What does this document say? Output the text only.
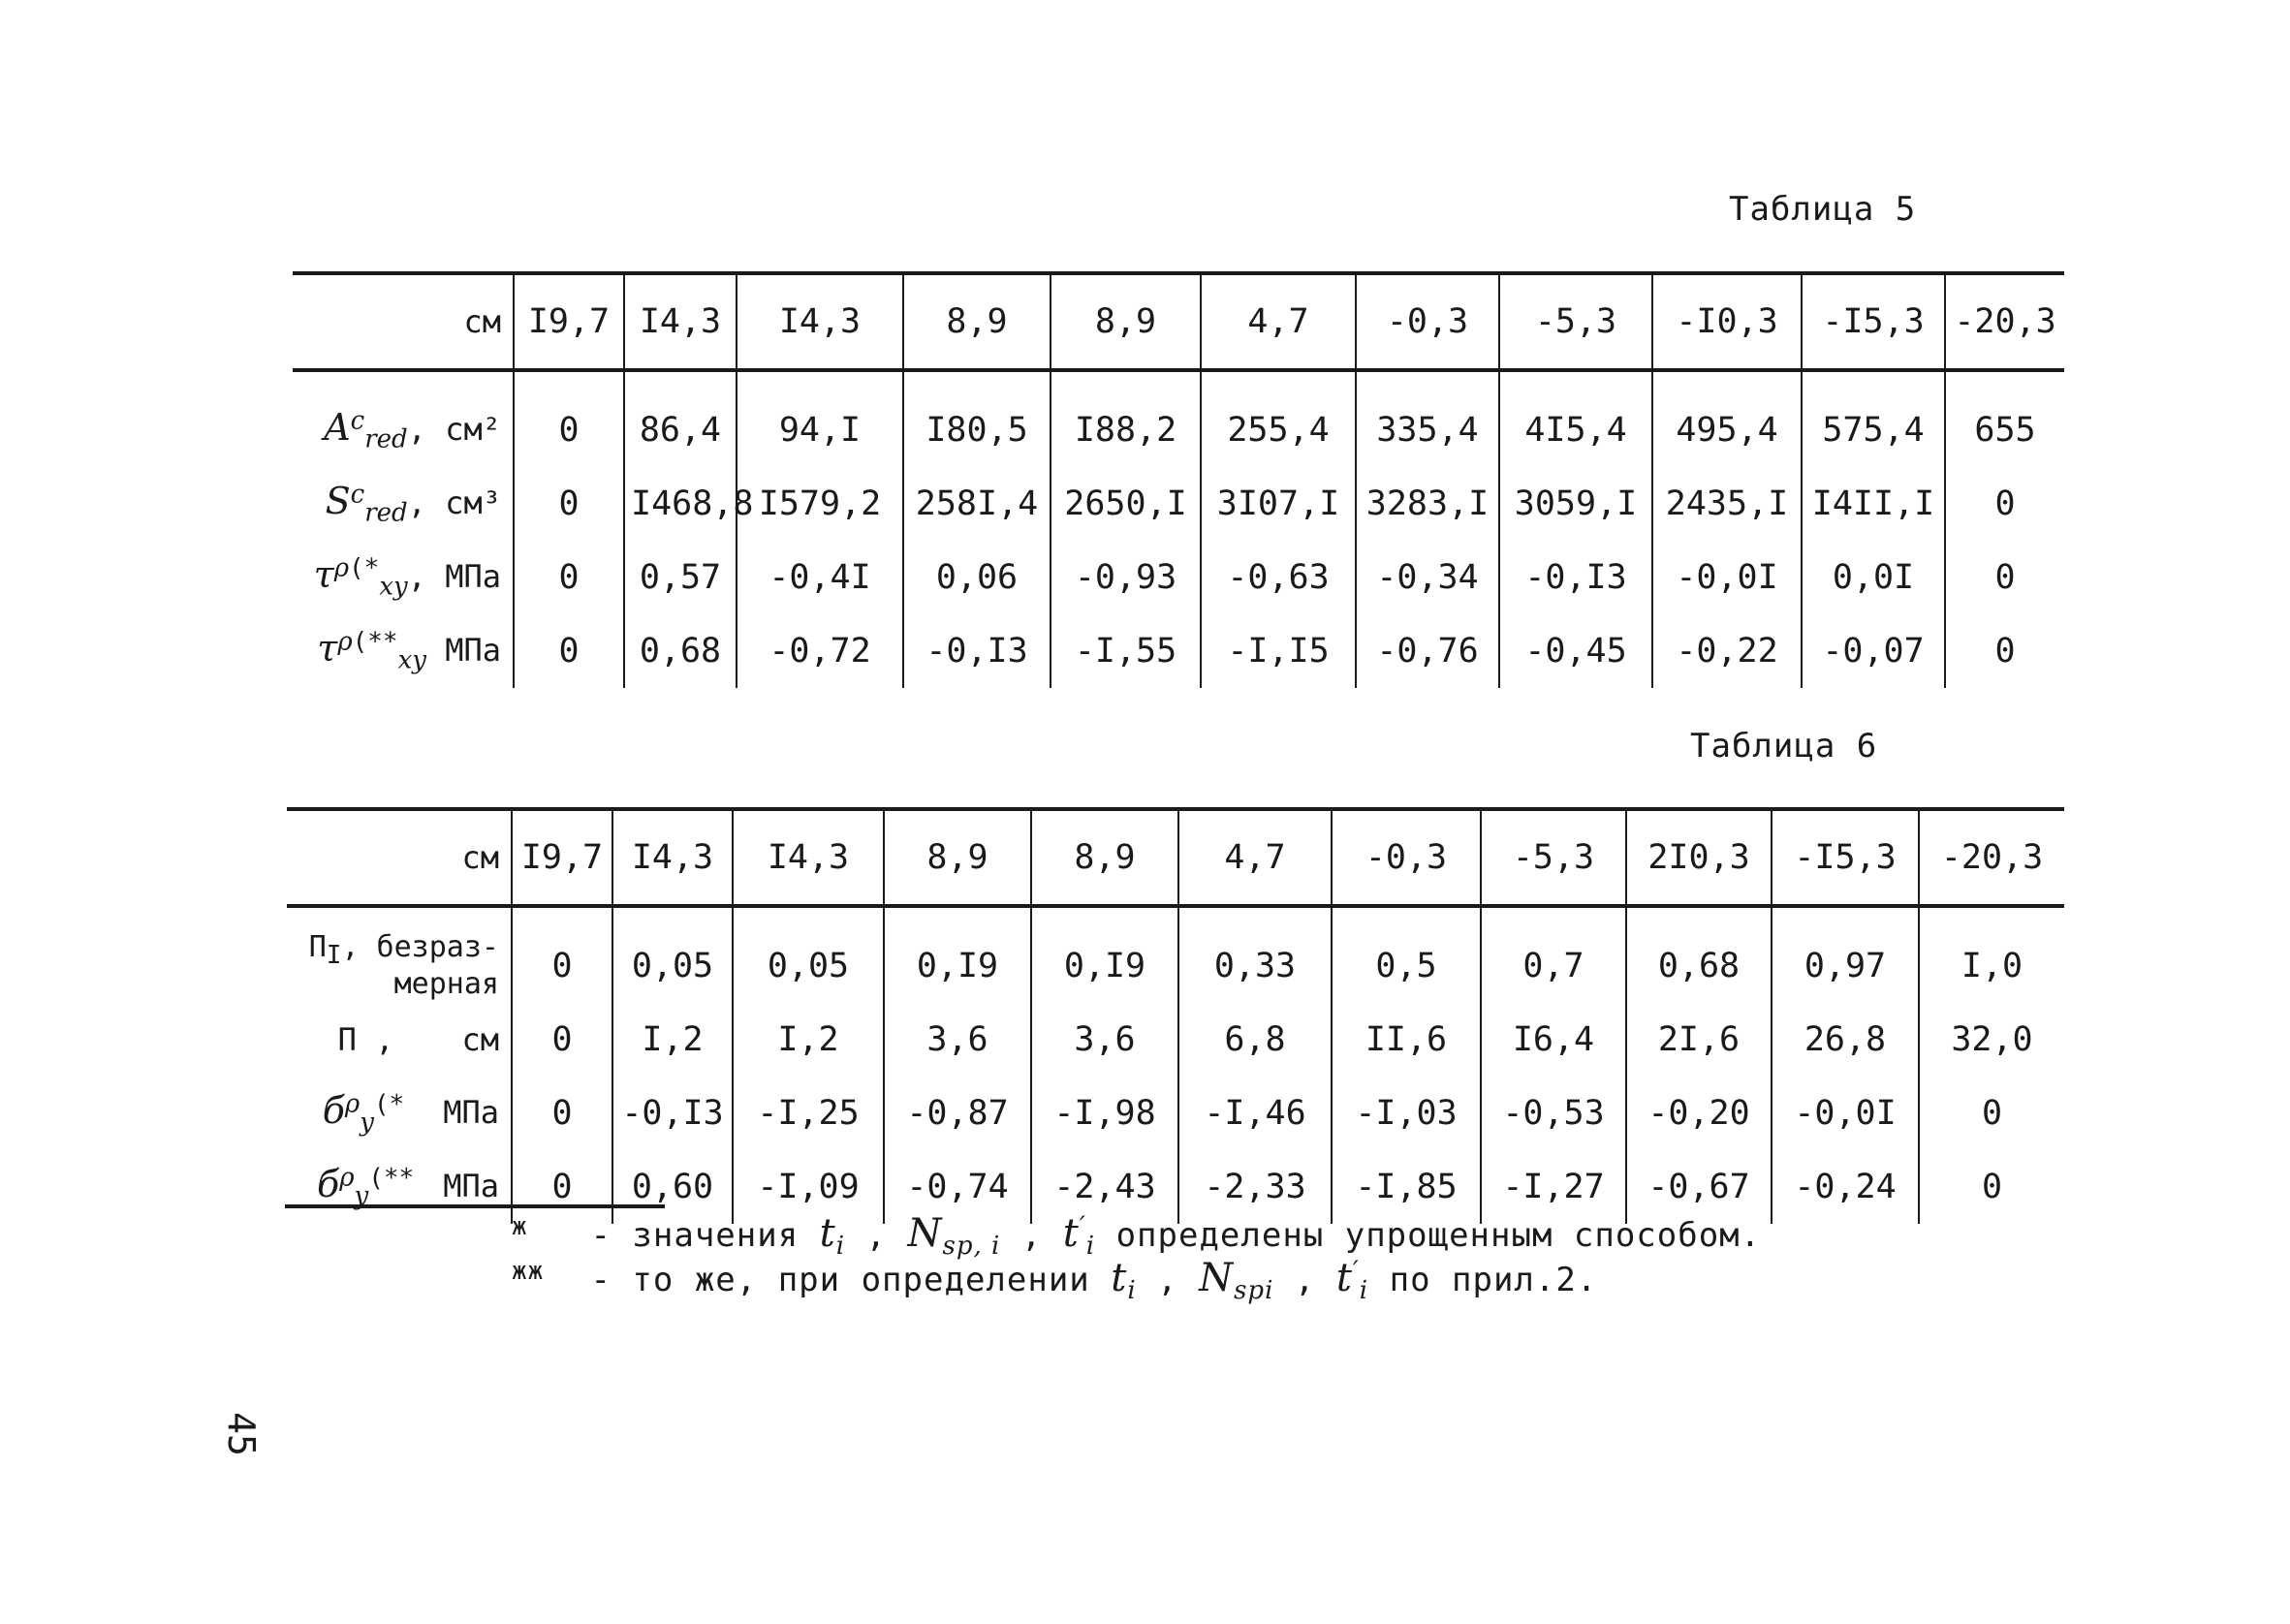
Таблица 5
см	I9,7	I4,3	I4,3	8,9	8,9	4,7	-0,3	-5,3	-I0,3	-I5,3	-20,3
$A^c_{red}$, см²	0	86,4	94,I	I80,5	I88,2	255,4	335,4	4I5,4	495,4	575,4	655
$S^c_{red}$, см³	0	I468,8	I579,2	258I,4	2650,I	3I07,I	3283,I	3059,I	2435,I	I4II,I	0
$\tau^{\rho(*}_{xy}$, МПа	0	0,57	-0,4I	0,06	-0,93	-0,63	-0,34	-0,I3	-0,0I	0,0I	0
$\tau^{\rho(**}_{xy}$ МПа	0	0,68	-0,72	-0,I3	-I,55	-I,I5	-0,76	-0,45	-0,22	-0,07	0
Таблица 6
см	I9,7	I4,3	I4,3	8,9	8,9	4,7	-0,3	-5,3	2I0,3	-I5,3	-20,3

$П_I$, безраз-
мерная	0	0,05	0,05	0,I9	0,I9	0,33	0,5	0,7	0,68	0,97	I,0
П , см	0	I,2	I,2	3,6	3,6	6,8	II,6	I6,4	2I,6	26,8	32,0
$б^\rho_y^{(*}$ МПа	0	-0,I3	-I,25	-0,87	-I,98	-I,46	-I,03	-0,53	-0,20	-0,0I	0
$б^\rho_y^{(**}$ МПа	0	0,60	-I,09	-0,74	-2,43	-2,33	-I,85	-I,27	-0,67	-0,24	0
ж - значения $t_i$ , $N_{sp, i}$ , $t'_i$ определены упрощенным способом.
жж - то же, при определении $t_i$ , $N_{spi}$ , $t'_i$ по прил.2.
45
